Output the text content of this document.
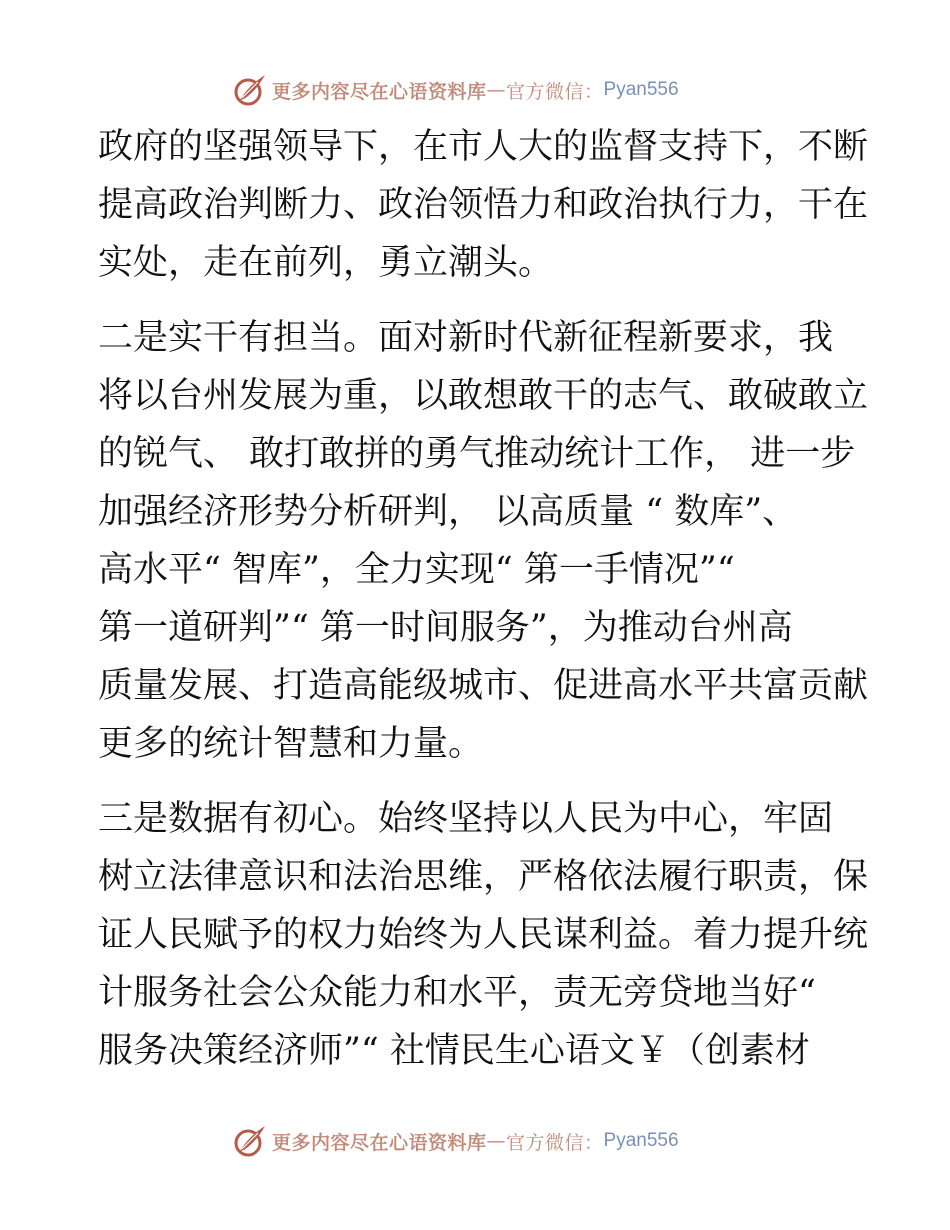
更多内容尽在心语资料库 — 官方微信： Pyan556
政府的坚强领导下，在市人大的监督支持下，不断
提高政治判断力、政治领悟力和政治执行力，干在
实处，走在前列，勇立潮头。
二是实干有担当。面对新时代新征程新要求，我
将以台州发展为重，以敢想敢干的志气、敢破敢立
的锐气、 敢打敢拼的勇气推动统计工作， 进一步
加强经济形势分析研判， 以高质量 “ 数库”、
高水平“ 智库”，全力实现“ 第一手情况”“
第一道研判”“ 第一时间服务”，为推动台州高
质量发展、打造高能级城市、促进高水平共富贡献
更多的统计智慧和力量。
三是数据有初心。始终坚持以人民为中心，牢固
树立法律意识和法治思维，严格依法履行职责，保
证人民赋予的权力始终为人民谋利益。着力提升统
计服务社会公众能力和水平，责无旁贷地当好“
服务决策经济师”“ 社情民生心语文￥（创素材
更多内容尽在心语资料库 — 官方微信： Pyan556
